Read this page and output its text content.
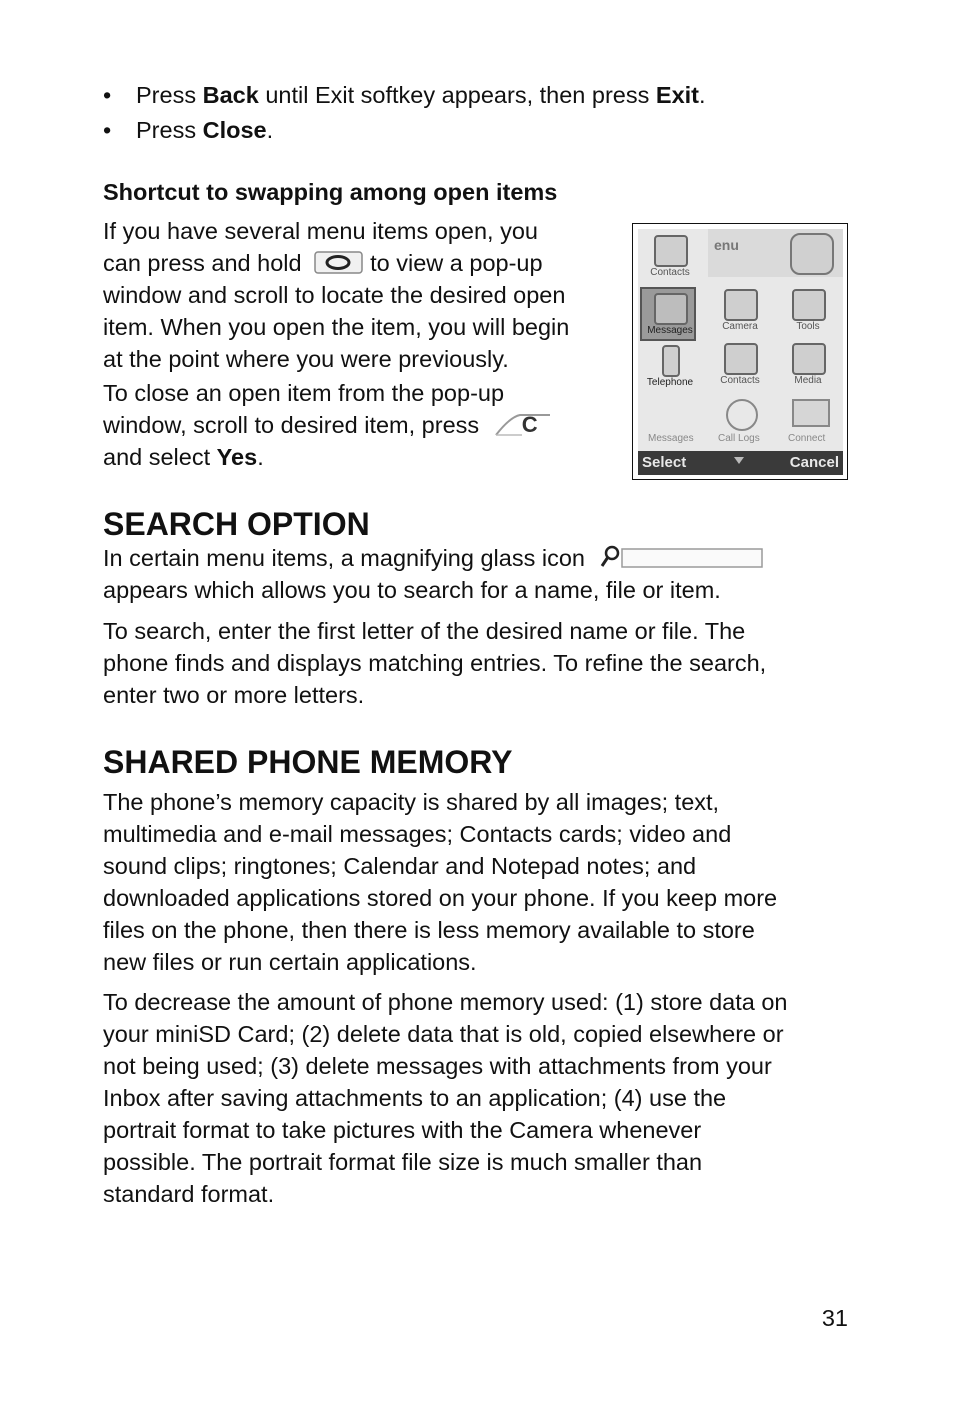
• Press Back until Exit softkey appears, then press Exit.
• Press Close.
Shortcut to swapping among open items
If you have several menu items open, you
can press and hold	to view a pop-up
window and scroll to locate the desired open
item. When you open the item, you will begin
at the point where you were previously.
To close an open item from the pop-up
window, scroll to desired item, press C
and select Yes.
enu
Contacts
Messages	Camera	Tools
Telephone	Contacts	Media
Messages Call Logs	Connect
Select	Cancel
SEARCH OPTION
In certain menu items, a magnifying glass icon
appears which allows you to search for a name, file or item.
To search, enter the first letter of the desired name or file. The
phone finds and displays matching entries. To refine the search,
enter two or more letters.
SHARED PHONE MEMORY
The phone’s memory capacity is shared by all images; text,
multimedia and e-mail messages; Contacts cards; video and
sound clips; ringtones; Calendar and Notepad notes; and
downloaded applications stored on your phone. If you keep more
files on the phone, then there is less memory available to store
new files or run certain applications.
To decrease the amount of phone memory used: (1) store data on
your miniSD Card; (2) delete data that is old, copied elsewhere or
not being used; (3) delete messages with attachments from your
Inbox after saving attachments to an application; (4) use the
portrait format to take pictures with the Camera whenever
possible. The portrait format file size is much smaller than
standard format.
31
